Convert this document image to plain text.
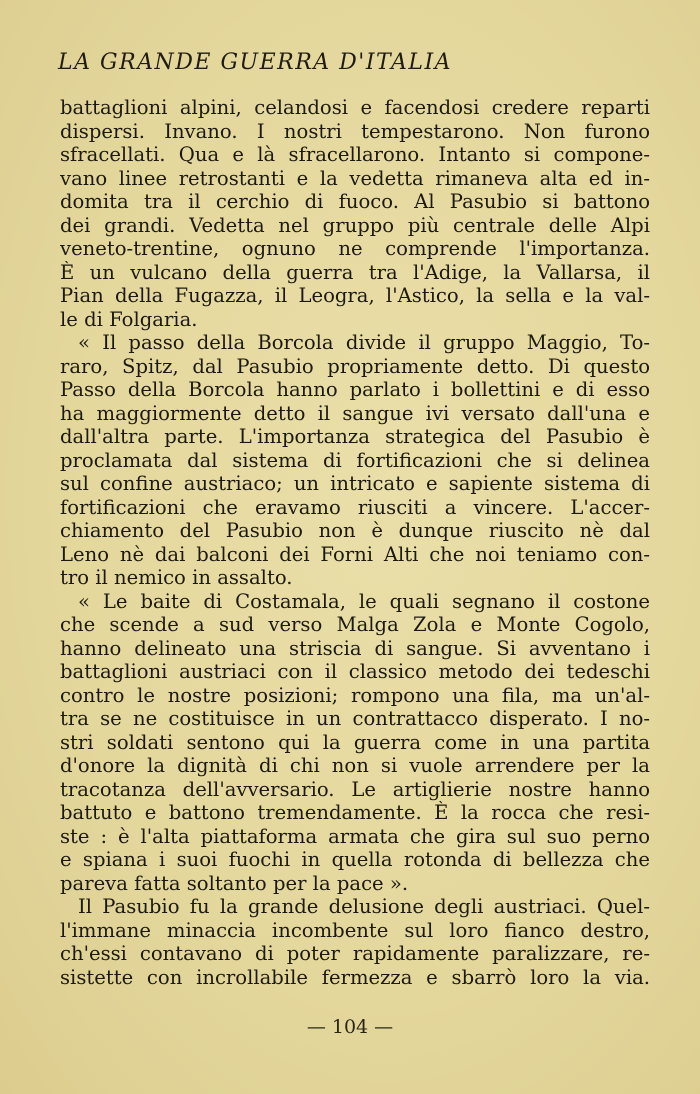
LA GRANDE GUERRA D'ITALIA
battaglioni alpini, celandosi e facendosi credere reparti
dispersi. Invano. I nostri tempestarono. Non furono
sfracellati. Qua e là sfracellarono. Intanto si compone-
vano linee retrostanti e la vedetta rimaneva alta ed in-
domita tra il cerchio di fuoco. Al Pasubio si battono
dei grandi. Vedetta nel gruppo più centrale delle Alpi
veneto-trentine, ognuno ne comprende l'importanza.
È un vulcano della guerra tra l'Adige, la Vallarsa, il
Pian della Fugazza, il Leogra, l'Astico, la sella e la val-
le di Folgaria.
« Il passo della Borcola divide il gruppo Maggio, To-
raro, Spitz, dal Pasubio propriamente detto. Di questo
Passo della Borcola hanno parlato i bollettini e di esso
ha maggiormente detto il sangue ivi versato dall'una e
dall'altra parte. L'importanza strategica del Pasubio è
proclamata dal sistema di fortificazioni che si delinea
sul confine austriaco; un intricato e sapiente sistema di
fortificazioni che eravamo riusciti a vincere. L'accer-
chiamento del Pasubio non è dunque riuscito nè dal
Leno nè dai balconi dei Forni Alti che noi teniamo con-
tro il nemico in assalto.
« Le baite di Costamala, le quali segnano il costone
che scende a sud verso Malga Zola e Monte Cogolo,
hanno delineato una striscia di sangue. Si avventano i
battaglioni austriaci con il classico metodo dei tedeschi
contro le nostre posizioni; rompono una fila, ma un'al-
tra se ne costituisce in un contrattacco disperato. I no-
stri soldati sentono qui la guerra come in una partita
d'onore la dignità di chi non si vuole arrendere per la
tracotanza dell'avversario. Le artiglierie nostre hanno
battuto e battono tremendamente. È la rocca che resi-
ste : è l'alta piattaforma armata che gira sul suo perno
e spiana i suoi fuochi in quella rotonda di bellezza che
pareva fatta soltanto per la pace ».
Il Pasubio fu la grande delusione degli austriaci. Quel-
l'immane minaccia incombente sul loro fianco destro,
ch'essi contavano di poter rapidamente paralizzare, re-
sistette con incrollabile fermezza e sbarrò loro la via.
— 104 —
